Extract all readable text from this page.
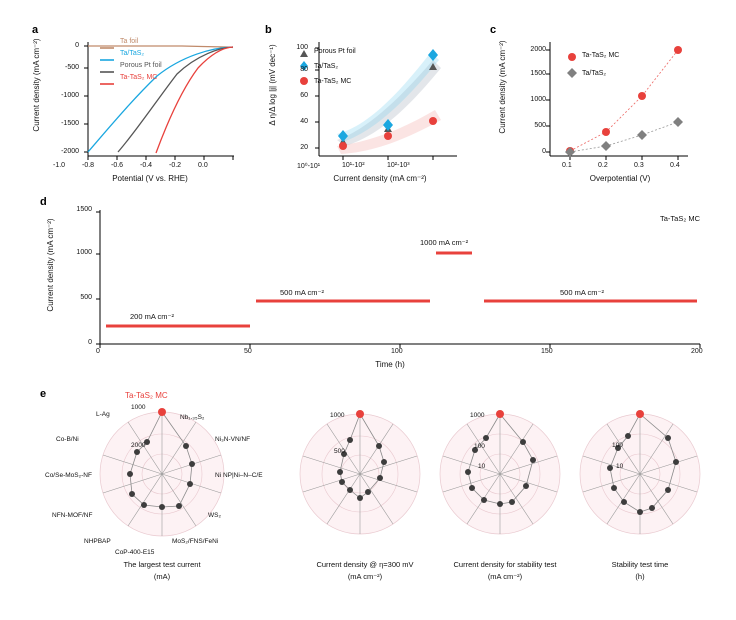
a
Ta foil
Ta/TaS₂
Porous Pt foil
Ta-TaS₂ MC
-1.0 -0.8 -0.6 -0.4 -0.2 0.0
-2000
-1500
-1000
-500
0
Potential (V vs. RHE)
Current density (mA cm⁻²)
b
Porous Pt foil
Ta/TaS₂
Ta-TaS₂ MC
10⁰-10¹	10¹-10²	10²-10³
20
40
60
80
100
Current density (mA cm⁻²)
Δ η/Δ log |j| (mV dec⁻¹)
c
Ta-TaS₂ MC
Ta/TaS₂
0.1	0.2	0.3	0.4
0
500
1000
1500
2000
Overpotential (V)
Current density (mA cm⁻²)
d
0	50	100	150	200
0
500
1000
1500
Time (h)
Current density (mA cm⁻²)	Ta-TaS₂ MC
200 mA cm⁻²
500 mA cm⁻²
1000 mA cm⁻²
500 mA cm⁻²
e	Ta-TaS₂ MC
1000
2000
L-Ag	Nb₁.₃₅S₂
Ni₃N-VN/NF
Ni NP|Ni–N–C/E
WS₂
MoS₂/FNS/FeNi
CoP-400-E15
NHPBAP
NFN-MOF/NF
Co/Se-MoS₂-NF
Co-B/Ni
The largest test current
(mA)
1000
500
Current density @ η=300 mV
(mA cm⁻²)
1000
100
10
Current density for stability test
(mA cm⁻²)
100
10
Stability test time
(h)
